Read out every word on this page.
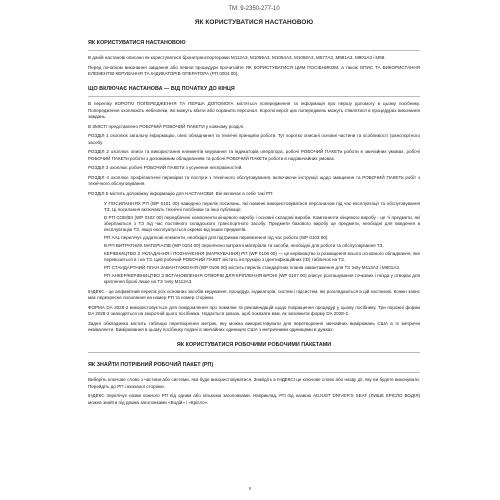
ТМ: 9-2350-277-10
ЯК КОРИСТУВАТИСЯ НАСТАНОВОЮ
ЯК КОРИСТУВАТИСЯ НАСТАНОВОЮ

В даній настанові описано як користуватися бронетранспортерами M113A3, M1059A3, M1064A3, M1068A3, M577A3, M981A3, M901A3 і M58.

Перед початком виконання завдання або певної процедури прочитайте ЯК КОРИСТУВАТИСЯ ЦИМ ПОСІБНИКОМ, а також ОПИС ТА ВИКОРИСТАННЯ ЕЛЕМЕНТІВ КЕРУВАННЯ ТА ІНДИКАТОРІВ ОПЕРАТОРА (РП 0004 00).

ЩО ВКЛЮЧАЄ НАСТАНОВА — ВІД ПОЧАТКУ ДО КІНЦЯ

В переліку КОРОТКІ ПОПЕРЕДЖЕННЯ ТА ПЕРША ДОПОМОГА містяться попередження та інформація про першу допомогу в цьому посібнику. Попередження охоплюють небезпеки, які можуть вбити або поранити персонал. Короткі версії цих попереджень можуть з'являтися в процедурах виконання завдань.

В ЗМІСТІ представлено РОБОЧИЙ РОБОЧИЙ ПАКЕТИ у кожному розділі.

РОЗДІЛ 1 охоплює загальну інформацію, опис обладнання та технічні принципи роботи. Тут коротко описані основні частини та особливості транспортного засобу.

РОЗДІЛ 2 охоплює описи та використання елементів керування та індикаторів оператора, робочі РОБОЧИЙ ПАКЕТи роботи в звичайних умовах, робочі РОБОЧИЙ ПАКЕТи роботи з допоміжним обладнанням та робочі РОБОЧИЙ ПАКЕТи роботи в надзвичайних умовах.

РОЗДІЛ 3 охоплює робочі РОБОЧИЙ ПАКЕТи з усунення несправностей.

РОЗДІЛ 4 охоплює профілактичні перевірки та послуги з технічного обслуговування, включаючи інструкції щодо змащення та РОБОЧИЙ ПАКЕТи робіт з технічного обслуговування.

РОЗДІЛ 5 містить допоміжну інформацію для НАСТАНОВИ. Він включає в себе такі РП:

У ПОСИЛАННЯХ РП (WP 0101 00) наведено перелік посилань, які повинні використовуватися персоналом під час експлуатації та обслуговування ТЗ. Ці посилання включають технічні посібники та інші публікації.

В РП СОЕ/BII (WP 0102 00) передбачені компоненти кінцевого виробу і основні складові вироби. Компоненти кінцевого виробу - це ті предмети, які зберігаються з ТЗ під час постійного складського транспортного засобу. Предмети базового виробу це предмети, необхідні для введення в експлуатацію ТЗ, якщо експлуатується окремо від інших предметів.

РП AAL перелічує додаткові елементи, необхідні для підтримки перевезення під час роботи (WP 0103 00).

В РП ВИТРАТНИХ МАТЕРІАЛІВ (WP 0104 00) перелічено витратні матеріали та засоби, необхідні для роботи та обслуговування ТЗ.

КЕРІВНИЦТВО З УКЛАДАННЯ І ПОЗНАЧЕННЯ (МАРКУВАННЯ) РП (WP 0105 00) — це керівництво із розміщення всього основного обладнання, яке перевозиться в і на ТЗ. Цей робочий РОБОЧИЙ ПАКЕТ містить інструкцію з ідентифікаційних (ID) табличок на ТЗ.

РП СТАНДАРТНИЙ ПЛАН ЗАВАНТАЖЕННЯ (WP 0106 00) містить перелік стандартних планів завантаження для ТЗ типу M113A3 і M901A3.

РП АНКЕР/КЕРІВНИЦТВО З ВСТАНОВЛЕННЯ ОТВОРІВ ДЛЯ КРІПЛЕННЯ БРОНІ (WP 0107 00) описує розташування точкових і гнізда у отворах для кріплення броні лише на ТЗ типу M113A3.

ІНДЕКС - це алфавітний перелік усіх основних засобів керування, процедур, індикаторів, систем і підсистем, які розглядаються в цій настанові. Кожен запис має перехресне посилання на номер РП та номер сторінки.

ФОРМА DA 2028-2 використовується для повідомлення про помилки та рекомендацій щодо покращення процедур у цьому посібнику. Три порожні форми DA 2028-2 знаходяться на зворотній цього посібника. Надається зразок, щоб показати вам, як заповнити форму DA 2028-2.

Задня обкладинка містить таблицю перетворення метрик, яку можна використовувати для перетворення звичайних вимірювань США в їх метричні еквіваленти. Вимірювання в цьому посібнику подані в звичайних одиницях США з метричними одиницями в дужках.

ЯК КОРИСТУВАТИСЯ РОБОЧИМИ РОБОЧИМИ ПАКЕТАМИ
ЯК ЗНАЙТИ ПОТРІБНИЙ РОБОЧИЙ ПАКЕТ (РП)

Виберіть ключове слово з частини або системи, яка буде використовуватися. Знайдіть в ІНДЕКСІ це ключове слово або назву дії, яку ви будете виконувати. Перейдіть до РП і вказаної сторінки.

ІНДЕКС перелічує назви кожного РП під одним або кількома заголовками. Наприклад, РП під назвою ADJUST DRIVER'S SEAT (ЛИШЕ КРІСЛО ВОДІЯ) можна знайти під двома заголовками «Водій» і «Крісло».

v
